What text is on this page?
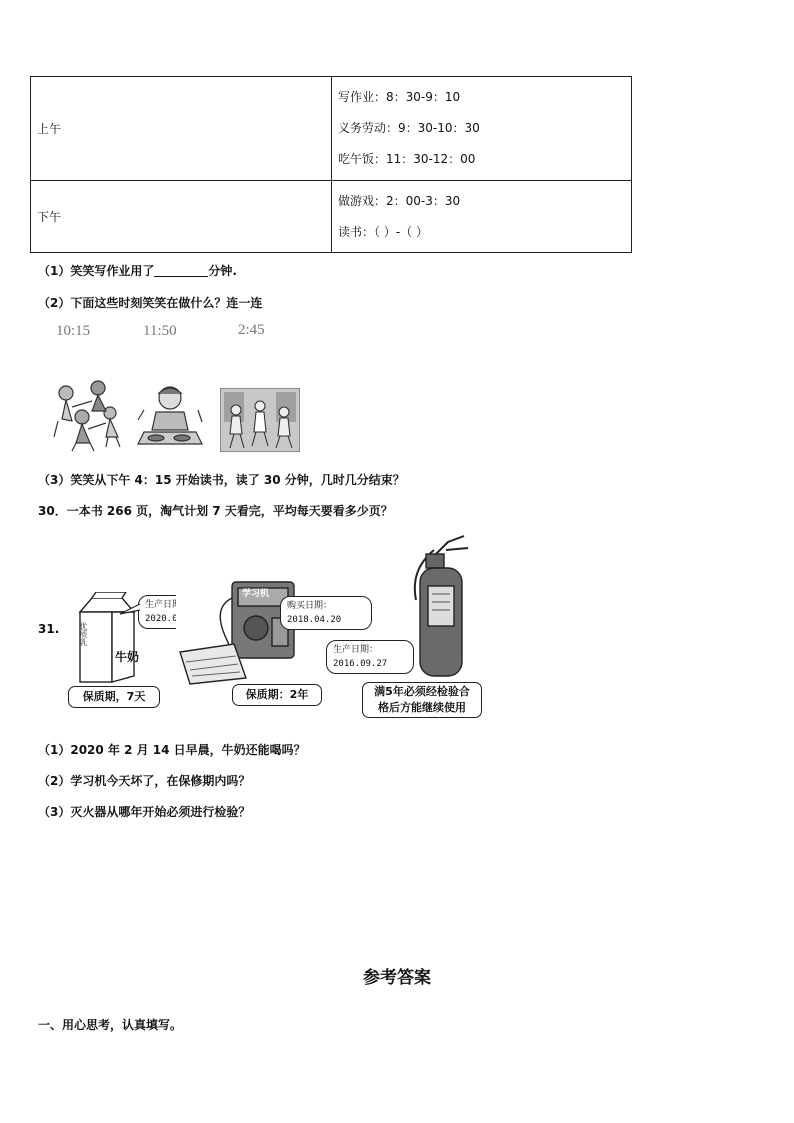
上午	写作业：8：30-9：10
义务劳动：9：30-10：30
吃午饭：11：30-12：00

下午	做游戏：2：00-3：30
读书：（ ）-（ ）
（1）笑笑写作业用了	分钟.
（2）下面这些时刻笑笑在做什么？连一连
10:15	11:50	2:45
（3）笑笑从下午 4：15 开始读书，读了 30 分钟，几时几分结束？
30．一本书 266 页，淘气计划 7 天看完，平均每天要看多少页？
31. 优质乳
牛奶
生产日期：
2020.02.05
保质期，7天
学习机
购买日期：
2018.04.20
保质期：2年
生产日期：
2016.09.27
满5年必须经检验合
格后方能继续使用
（1）2020 年 2 月 14 日早晨，牛奶还能喝吗？
（2）学习机今天坏了，在保修期内吗？
（3）灭火器从哪年开始必须进行检验？
参考答案
一、用心思考，认真填写。
